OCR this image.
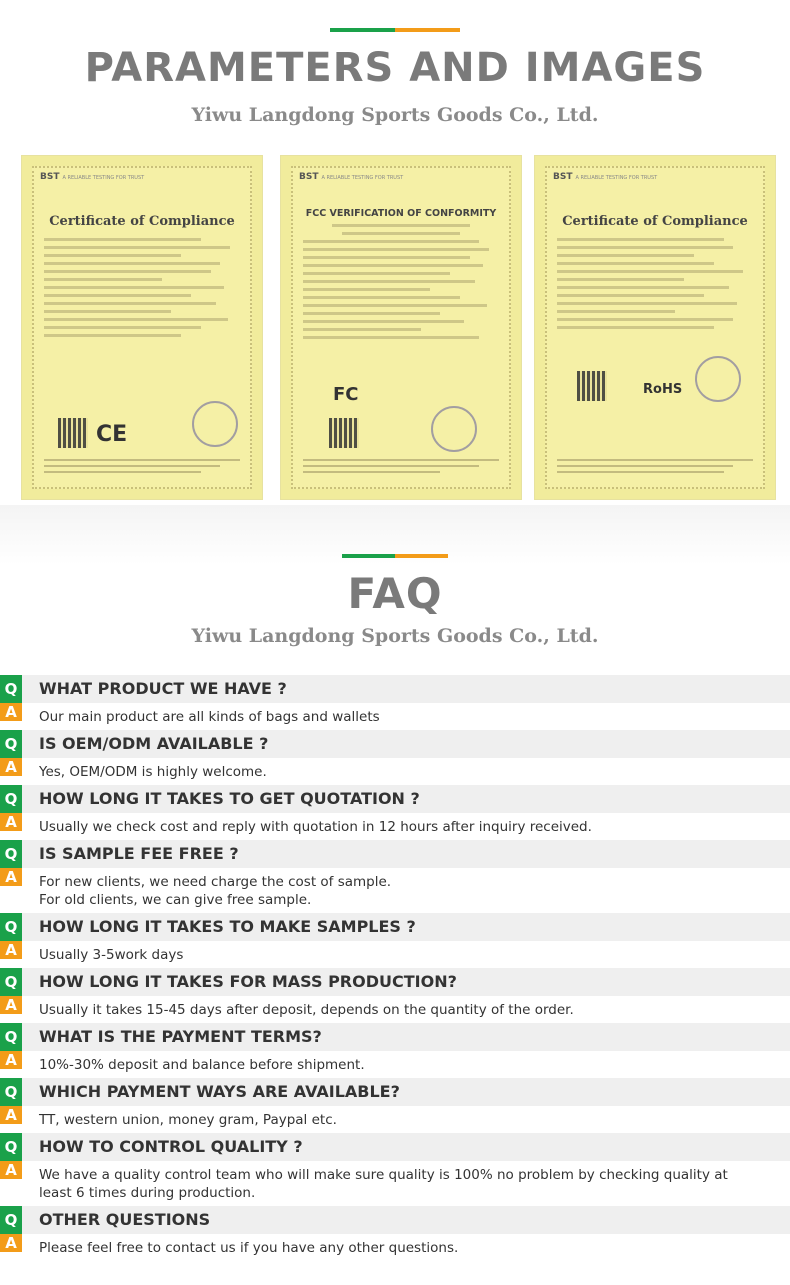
PARAMETERS AND IMAGES
Yiwu Langdong Sports Goods Co., Ltd.
BST A RELIABLE TESTING FOR TRUST
Certificate of Compliance
CE
BST A RELIABLE TESTING FOR TRUST
FCC VERIFICATION OF CONFORMITY
FC
BST A RELIABLE TESTING FOR TRUST
Certificate of Compliance
RoHS
FAQ
Yiwu Langdong Sports Goods Co., Ltd.
Q WHAT PRODUCT WE HAVE ?
A	Our main product are all kinds of bags and wallets
Q IS OEM/ODM AVAILABLE ?
A	Yes, OEM/ODM is highly welcome.
Q HOW LONG IT TAKES TO GET QUOTATION ?
A	Usually we check cost and reply with quotation in 12 hours after inquiry received.
Q IS SAMPLE FEE FREE ?
A	For new clients, we need charge the cost of sample.
For old clients, we can give free sample.
Q HOW LONG IT TAKES TO MAKE SAMPLES ?
A	Usually 3-5work days
Q HOW LONG IT TAKES FOR MASS PRODUCTION?
A	Usually it takes 15-45 days after deposit, depends on the quantity of the order.
Q WHAT IS THE PAYMENT TERMS?
A	10%-30% deposit and balance before shipment.
Q WHICH PAYMENT WAYS ARE AVAILABLE?
A	TT, western union, money gram, Paypal etc.
Q HOW TO CONTROL QUALITY ?
A	We have a quality control team who will make sure quality is 100% no problem by checking quality at
least 6 times during production.
Q OTHER QUESTIONS
A	Please feel free to contact us if you have any other questions.
